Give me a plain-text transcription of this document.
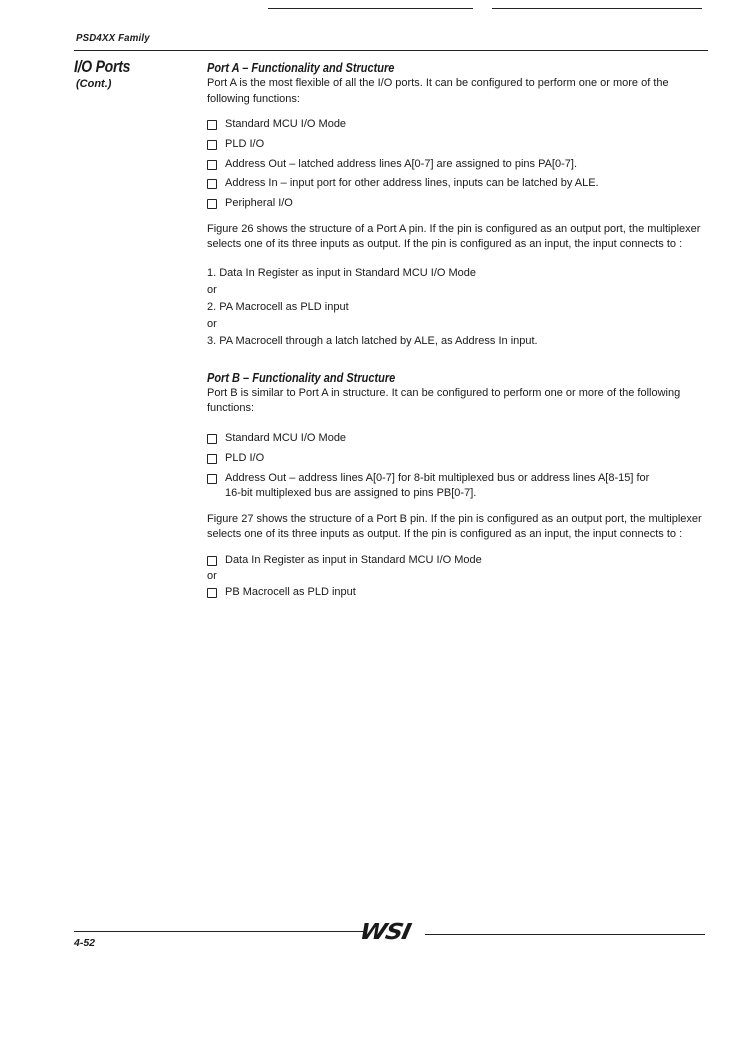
PSD4XX Family
I/O Ports
(Cont.)
Port A – Functionality and Structure

Port A is the most flexible of all the I/O ports. It can be configured to perform one or more of the following functions:

Standard MCU I/O Mode
PLD I/O
Address Out – latched address lines A[0-7] are assigned to pins PA[0-7].
Address In – input port for other address lines, inputs can be latched by ALE.
Peripheral I/O

Figure 26 shows the structure of a Port A pin. If the pin is configured as an output port, the multiplexer selects one of its three inputs as output. If the pin is configured as an input, the input connects to :

1. Data In Register as input in Standard MCU I/O Mode
or
2. PA Macrocell as PLD input
or
3. PA Macrocell through a latch latched by ALE, as Address In input.
Port B – Functionality and Structure

Port B is similar to Port A in structure. It can be configured to perform one or more of the following functions:

Standard MCU I/O Mode
PLD I/O
Address Out – address lines A[0-7] for 8-bit multiplexed bus or address lines A[8-15] for 16-bit multiplexed bus are assigned to pins PB[0-7].

Figure 27 shows the structure of a Port B pin. If the pin is configured as an output port, the multiplexer selects one of its three inputs as output. If the pin is configured as an input, the input connects to :

Data In Register as input in Standard MCU I/O Mode
or
PB Macrocell as PLD input
WSI
4-52
